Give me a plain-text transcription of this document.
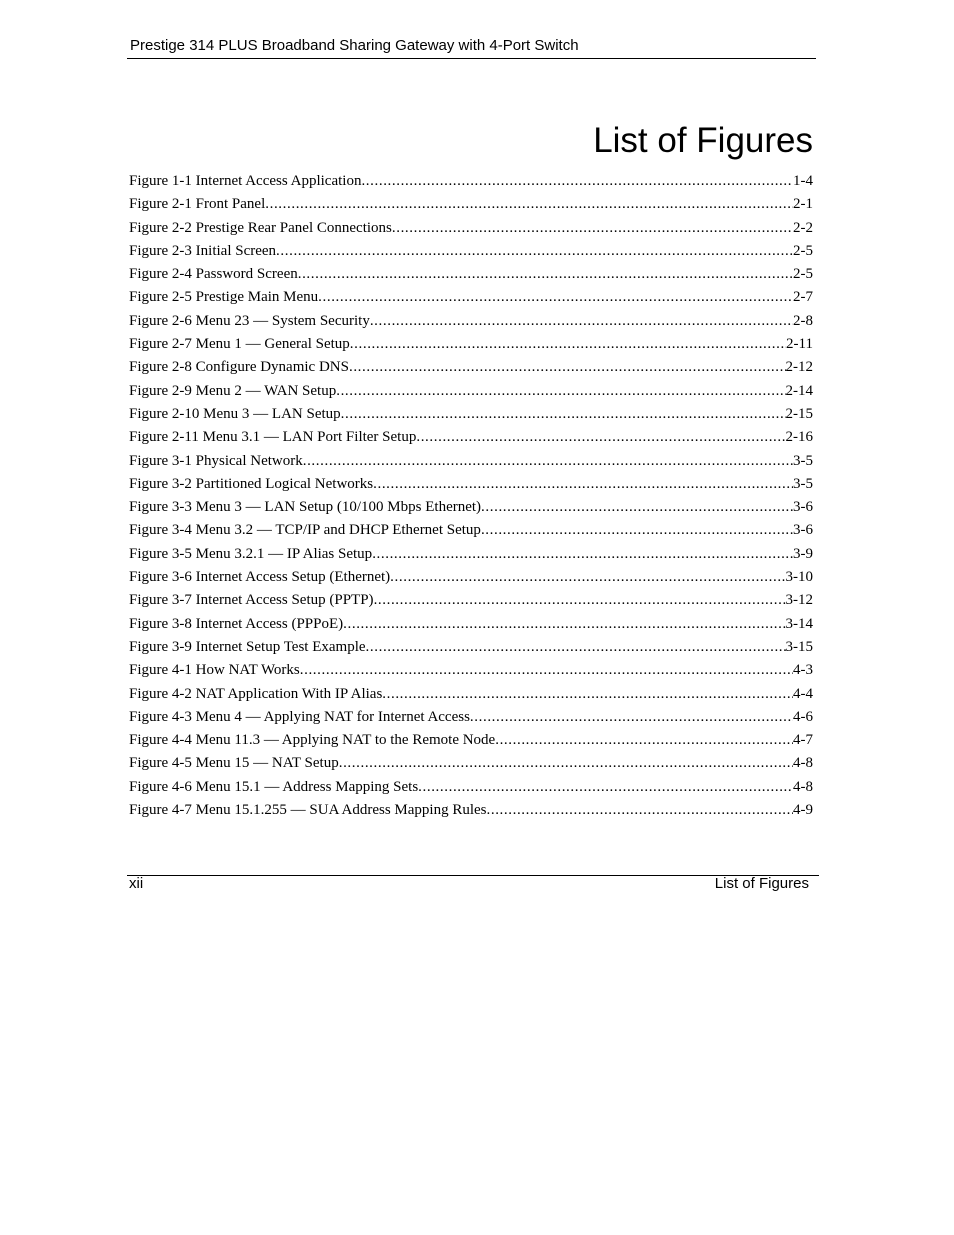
Prestige 314 PLUS Broadband Sharing Gateway with 4-Port Switch
List of Figures
Figure 1-1 Internet Access Application .....	1-4
Figure 2-1 Front Panel .....	2-1
Figure 2-2 Prestige Rear Panel Connections .....	2-2
Figure 2-3 Initial Screen .....	2-5
Figure 2-4 Password Screen .....	2-5
Figure 2-5 Prestige Main Menu .....	2-7
Figure 2-6 Menu 23 — System Security .....	2-8
Figure 2-7 Menu 1 — General Setup .....	2-11
Figure 2-8 Configure Dynamic DNS .....	2-12
Figure 2-9 Menu 2 — WAN Setup .....	2-14
Figure 2-10 Menu 3 — LAN Setup .....	2-15
Figure 2-11 Menu 3.1 — LAN Port Filter Setup .....	2-16
Figure 3-1 Physical Network .....	3-5
Figure 3-2 Partitioned Logical Networks .....	3-5
Figure 3-3 Menu 3 — LAN Setup (10/100 Mbps Ethernet) .....	3-6
Figure 3-4 Menu 3.2 — TCP/IP and DHCP Ethernet Setup .....	3-6
Figure 3-5 Menu 3.2.1 — IP Alias Setup .....	3-9
Figure 3-6 Internet Access Setup (Ethernet) .....	3-10
Figure 3-7 Internet Access Setup (PPTP) .....	3-12
Figure 3-8 Internet Access (PPPoE) .....	3-14
Figure 3-9 Internet Setup Test Example .....	3-15
Figure 4-1 How NAT Works .....	4-3
Figure 4-2 NAT Application With IP Alias .....	4-4
Figure 4-3 Menu 4 — Applying NAT for Internet Access .....	4-6
Figure 4-4 Menu 11.3 — Applying NAT to the Remote Node .....	4-7
Figure 4-5 Menu 15 — NAT Setup .....	4-8
Figure 4-6 Menu 15.1 — Address Mapping Sets .....	4-8
Figure 4-7 Menu 15.1.255 — SUA Address Mapping Rules .....	4-9
xii	List of Figures
